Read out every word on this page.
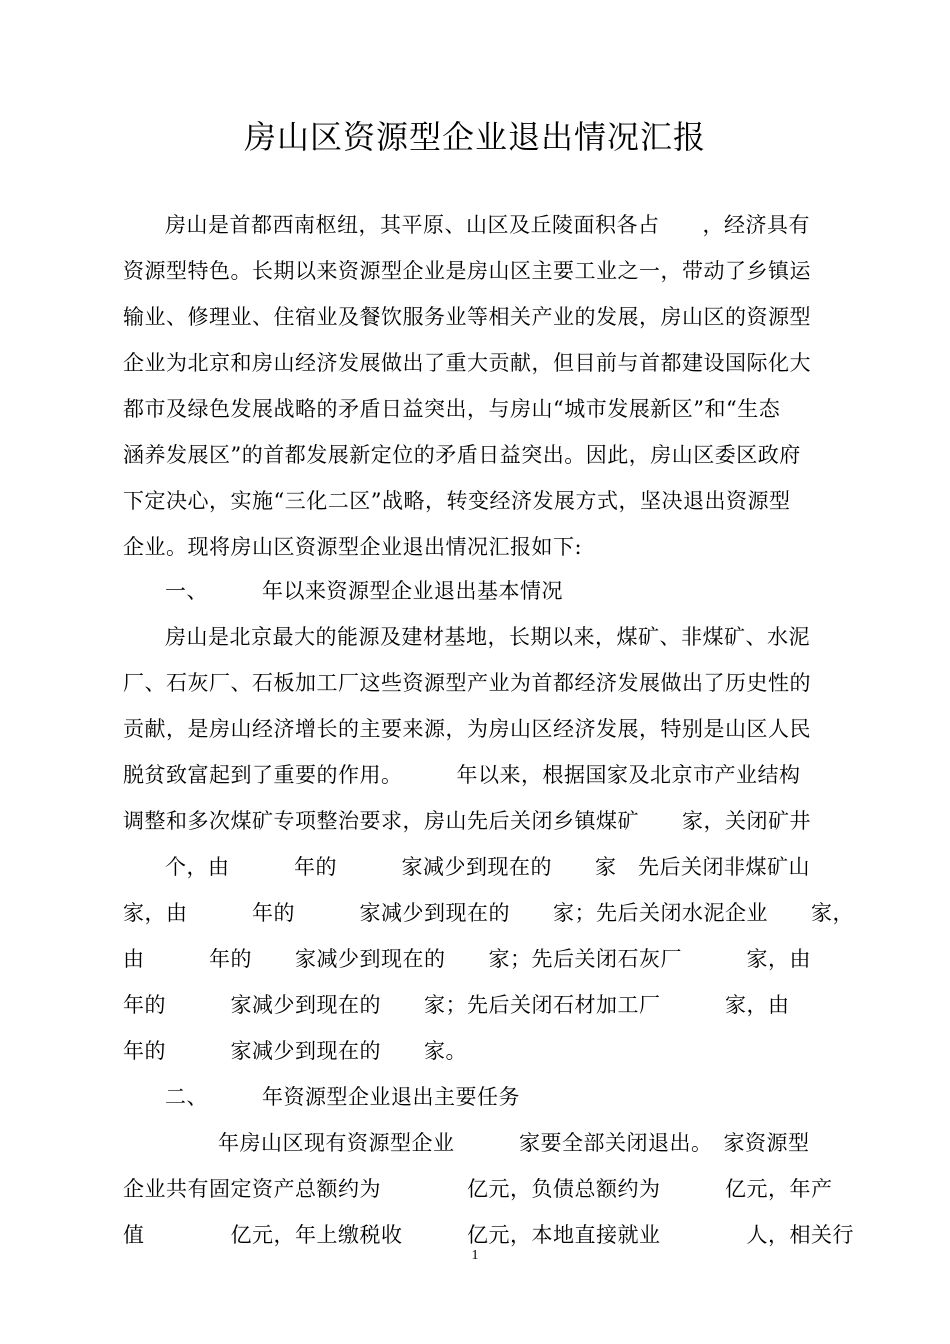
房山区资源型企业退出情况汇报
房山是首都西南枢纽，其平原、山区及丘陵面积各占　　，经济具有
资源型特色。长期以来资源型企业是房山区主要工业之一，带动了乡镇运
输业、修理业、住宿业及餐饮服务业等相关产业的发展，房山区的资源型
企业为北京和房山经济发展做出了重大贡献，但目前与首都建设国际化大
都市及绿色发展战略的矛盾日益突出，与房山“城市发展新区”和“生态
涵养发展区”的首都发展新定位的矛盾日益突出。因此，房山区委区政府
下定决心，实施“三化二区”战略，转变经济发展方式，坚决退出资源型
企业。现将房山区资源型企业退出情况汇报如下:
一、　　　年以来资源型企业退出基本情况
房山是北京最大的能源及建材基地，长期以来，煤矿、非煤矿、水泥
厂、石灰厂、石板加工厂这些资源型产业为首都经济发展做出了历史性的
贡献，是房山经济增长的主要来源，为房山区经济发展，特别是山区人民
脱贫致富起到了重要的作用。　　　年以来，根据国家及北京市产业结构
调整和多次煤矿专项整治要求，房山先后关闭乡镇煤矿　　家，关闭矿井
个，由　　　年的　　　家减少到现在的　　家　先后关闭非煤矿山
家，由　　　年的　　　家减少到现在的　　家；先后关闭水泥企业　　家，
由　　　年的　　家减少到现在的　　家；先后关闭石灰厂　　　家，由
年的　　　家减少到现在的　　家；先后关闭石材加工厂　　　家，由
年的　　　家减少到现在的　　家。
二、　　　年资源型企业退出主要任务
年房山区现有资源型企业　　　家要全部关闭退出。　家资源型
企业共有固定资产总额约为　　　　亿元，负债总额约为　　　亿元，年产
值　　　　亿元，年上缴税收　　　亿元，本地直接就业　　　　人，相关行
1
